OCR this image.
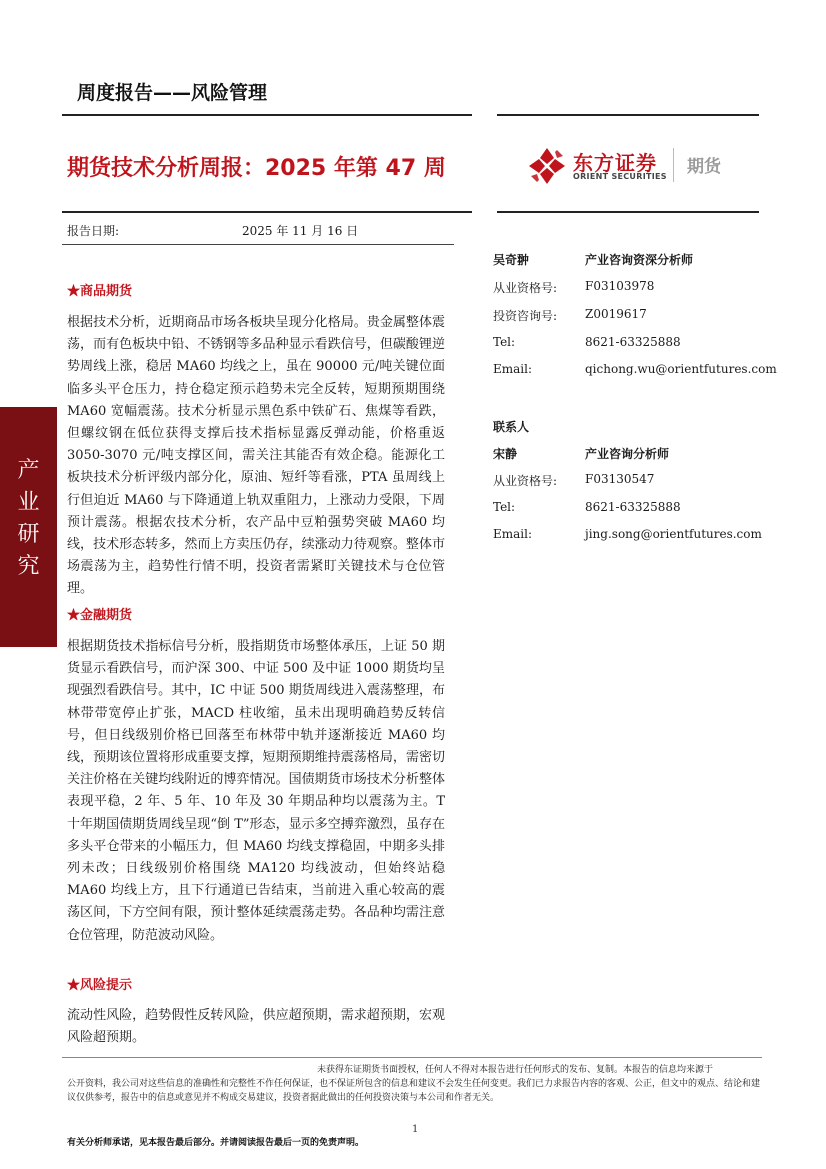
产
业
研
究
周度报告——风险管理
期货技术分析周报：2025 年第 47 周	东方证券
ORIENT SECURITIES 期货
报告日期:	2025 年 11 月 16 日
★商品期货
根据技术分析，近期商品市场各板块呈现分化格局。贵金属整体震荡，而有色板块中铅、不锈钢等多品种显示看跌信号，但碳酸锂逆势周线上涨，稳居 MA60 均线之上，虽在 90000 元/吨关键位面临多头平仓压力，持仓稳定预示趋势未完全反转，短期预期围绕 MA60 宽幅震荡。技术分析显示黑色系中铁矿石、焦煤等看跌，但螺纹钢在低位获得支撑后技术指标显露反弹动能，价格重返 3050-3070 元/吨支撑区间，需关注其能否有效企稳。能源化工板块技术分析评级内部分化，原油、短纤等看涨，PTA 虽周线上行但迫近 MA60 与下降通道上轨双重阻力，上涨动力受限，下周预计震荡。根据农技术分析，农产品中豆粕强势突破 MA60 均线，技术形态转多，然而上方卖压仍存，续涨动力待观察。整体市场震荡为主，趋势性行情不明，投资者需紧盯关键技术与仓位管理。
★金融期货
根据期货技术指标信号分析，股指期货市场整体承压，上证 50 期货显示看跌信号，而沪深 300、中证 500 及中证 1000 期货均呈现强烈看跌信号。其中，IC 中证 500 期货周线进入震荡整理，布林带带宽停止扩张，MACD 柱收缩，虽未出现明确趋势反转信号，但日线级别价格已回落至布林带中轨并逐渐接近 MA60 均线，预期该位置将形成重要支撑，短期预期维持震荡格局，需密切关注价格在关键均线附近的博弈情况。国债期货市场技术分析整体表现平稳，2 年、5 年、10 年及 30 年期品种均以震荡为主。T 十年期国债期货周线呈现“倒 T”形态，显示多空搏弈激烈，虽存在多头平仓带来的小幅压力，但 MA60 均线支撑稳固，中期多头排列未改；日线级别价格围绕 MA120 均线波动，但始终站稳 MA60 均线上方，且下行通道已告结束，当前进入重心较高的震荡区间，下方空间有限，预计整体延续震荡走势。各品种均需注意仓位管理，防范波动风险。
★风险提示
流动性风险，趋势假性反转风险，供应超预期，需求超预期，宏观风险超预期。
吴奇翀	产业咨询资深分析师
从业资格号: F03103978
投资咨询号: Z0019617
Tel:	8621-63325888
Email:	qichong.wu@orientfutures.com
联系人
宋静	产业咨询分析师
从业资格号: F03130547
Tel:	8621-63325888
Email:	jing.song@orientfutures.com
未获得东证期货书面授权，任何人不得对本报告进行任何形式的发布、复制。本报告的信息均来源于
公开资料，我公司对这些信息的准确性和完整性不作任何保证，也不保证所包含的信息和建议不会发生任何变更。我们已力求报告内容的客观、公正，但文中的观点、结论和建议仅供参考，报告中的信息或意见并不构成交易建议，投资者据此做出的任何投资决策与本公司和作者无关。
1
有关分析师承诺，见本报告最后部分。并请阅读报告最后一页的免责声明。
